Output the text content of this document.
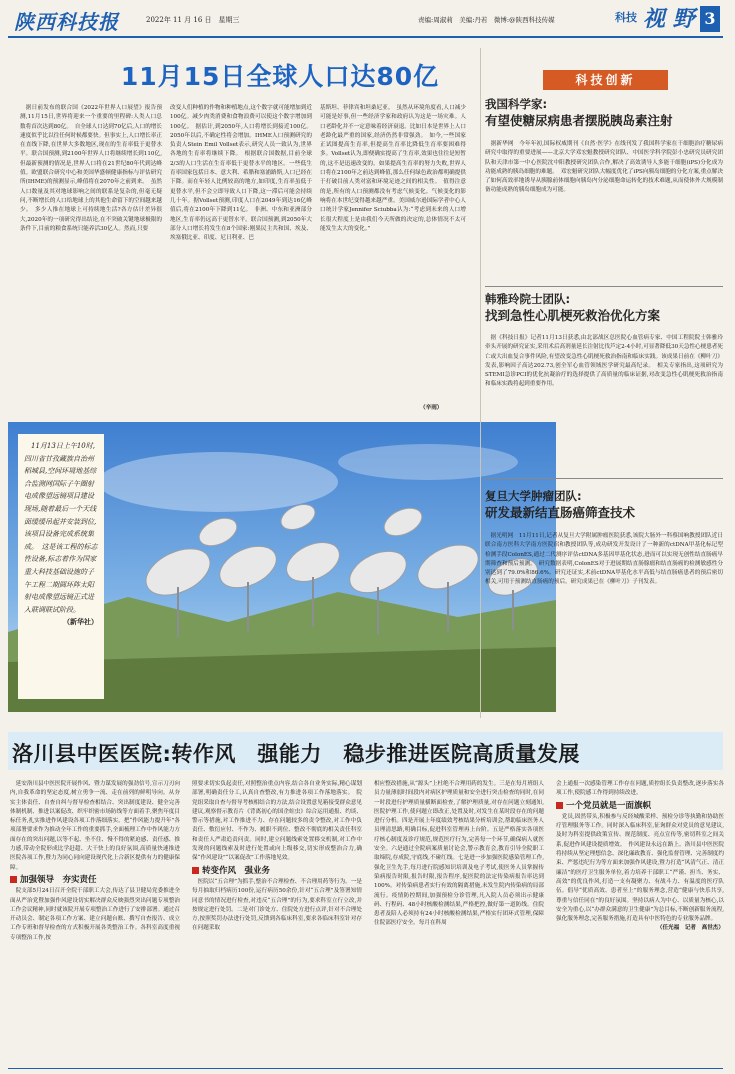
陕西科技报	2022年 11 月 16 日　星期三	责编:周淑莉　美编:丹若　微博:@陕西科技传媒	科技 视 野 3
11月15日全球人口达80亿
　据日前发布的联合国《2022年世界人口展望》报告预测,11月15日,世界将迎来一个重要的里程碑:人类人口总数将首次达到80亿。　自全球人口达到70亿后,人口的增长速度似乎比以往任何时候都要快。但事实上,人口增长率正在直线下降,在世界大多数地区,现在的生育率低于更替水平。联合国预测,到2100年世界人口将继续增长到110亿,但最新预测的情况是,世界人口将在21世纪80年代到达峰值。欧盟联合研究中心和美国华盛顿健康指标与评估研究所(IHME)的预测显示,峰值将在2070年之前到来。　虽然人口数量及其对地球影响之间的联系是复杂的,但毫无疑问,不断增长的人口给地球上的其他生命留下的空间越来越少。　多少人推在地球上可持续地生活?各方估计差异很大,2020年的一项研究得出结论,在不突破关键地球极限的条件下,目前的粮食系统只能养活30亿人。然而,只要
改变人们种植的作物和种植地点,这个数字就可能增加到近100亿。减少肉类消费和食物浪费可以使这个数字增加到100亿。　据估计,到2050年,人口将增长到接近100亿。2050年以后,不确定性将会增加。IHME人口预测研究的负责人Stein Emil Vollset表示,研究人员一致认为,世界各地的生育率将继续下降。　根据联合国数据,目前全球2/3的人口生活在生育率低于更替水平的地区。一些低生育率国家包括日本、意大利、希腊和塞浦路斯,人口已经在下降。而在年轻人比例较高的地方,如印度,生育率虽低于更替水平,但不会立即导致人口下降,这一滞后可能会持续几十年。据Vollset预测,印度人口在2049年到达16亿峰值后,将在2100年下降到11亿。　非洲、中东和亚洲部分地区,生育率仍远高于更替水平。联合国预测,到2050年大部分人口增长将发生在8个国家:刚果民主共和国、埃及、埃塞俄比亚、印度、尼日利亚、巴
基斯坦、菲律宾和坦桑尼亚。　虽然从环境角度看,人口减少可能是好事,但一些经济学家和政府认为这是一场灾难。人口老龄化并不一定意味着经济衰退。比如日本是世界上人口老龄化最严重的国家,经济仍然非常强劲。　如今,一些国家正试图提高生育率,但提高生育率比降低生育率要困难得多。Vollset认为,即便确实提高了生育率,效果也往往是短暂的,这不是迅速改变的。如果提高生育率的努力失败,世界人口将在2100年之前达到峰值,那么任何绿色政治都明确提供于打破目前人类对富和环境足迹之间的相关性。　值得注意的是,所有的人口预测都没有考虑气候变化。气候变化的影响将在本世纪变得越来越严重。美国威尔逊国际学者中心人口统计学家Jennifer Sciubba认为:“考虑到未来的人口增长很大程度上是由我们今天所做的决定的,总体情况不太可能发生太大的变化。”
（辛雨）
　11月13日上午10时,四川省甘孜藏族自治州稻城县,空间环境地基综合监测网国际子午圈射电成像望远镜项目建设现场,随着最后一个天线面缓缓吊起并安装到位,该项目设备完成系统集成。　这是该工程的标志性设备,标志着作为国家重大科技基础设施的子午工程二期圆环阵太阳射电成像望远镜正式进入联调联试阶段。
（新华社）
科技创新
我国科学家:
有望使糖尿病患者摆脱胰岛素注射
　据新华网　今年年初,国际权威期刊《自然·医学》在线刊发了我国科学家在干细胞治疗糖尿病研究中取得的重要进展——北京大学邓宏魁教授研究团队、中国医学科学院彭小忠研究员研究团队和天津市第一中心医院沈中阳教授研究团队合作,解决了高效诱导人多能干细胞(iPS)分化成为功能成熟的胰岛细胞的难题。　邓宏魁研究团队大幅度优化了iPS向胰岛细胞的分化方案,重点解决了如何高效率地诱导从胰腺前体细胞向胰岛内分泌细胞命运转化的技术难题,从而使体外大规模制备功能成熟的胰岛细胞成为可能。
韩雅玲院士团队:
找到急性心肌梗死救治优化方案
　据《科技日报》记者11月13日获悉,由北部战区总医院心血管病专家、中国工程院院士韩雅玲牵头开展的研究证实,采用术后高剂量延长注射比伐芦定2-4小时,可显著降低30天急性心梗患者死亡或大出血复合事件风险,有望改变急性心肌梗死救治指南和临床实践。该成果日前在《柳叶刀》发表,影响因子高达202.73,创全军心血管领域医学研究最高纪录。　相关专家指出,这项研究为STEMI急诊PCI的优化抗凝治疗的选择提供了高质量的临床证据,对改变急性心肌梗死救治指南和临床实践将起到重要作用。
复旦大学肿瘤团队:
研发最新结直肠癌筛查技术
　据光明网　11月11日,记者从复旦大学附属肿瘤医院获悉,该院大肠外一科蔡国响教授团队近日联合南方医科大学南方医院宿和教授团队等,成功研发开发设计了一种新的ctDNA甲基化标记型检测手段ColonES,通过二代测序评估ctDNA多基因甲基化状态,进而可以实现无创性结直肠癌早期筛查和预后预测。　研究数据表明,ColonES对于进展期结直肠腺瘤和结直肠癌的检测敏感性分别达到了79.0%和86.6%。研究还证实,术前ctDNA甲基化水平高低与结直肠癌患者的预后密切相关,可用于预测结直肠癌的预后。研究成果已在《柳叶刀》子刊发表。
洛川县中医医院:转作风　强能力　稳步推进医院高质量发展
　延安洛川县中医医院开展作风、暨力谋发展的强劲信号,宣示刀刃向内,自我革命的坚定态度,树立勇争一流、走在前列的鲜明导向。从夯实主体责任、自查自纠与督导检查相结合、突出制度建设、健全完善体制机制、推进以案促改、织牢织密市场防线等方面着手,聚焦年度目标任务,扎实推进作风建设各项工作落细落实。把“作风能力提升年”各项部署要求作为推动全年工作的重要抓手,全面梳理工作中作风能力方面存在的突出问题,以等不起、坐不住、慢不得的紧迫感、责任感、推力感,带动全院形成比学赶超、大干快上的良好氛围,高质量快速推进医院各项工作,暨力为同心同向建设现代化上合新区提供有力的健康保障。
加强领导　夯实责任
　院支部5月24日召开全院干部职工大会,传达了县卫健局党委推进全面从严治党暨加强作风建设切实解决群众反映强烈突出问题专项整治工作会议精神,同时就该院开展专项整治工作进行了安排部署。通过召开动员会、制定各项工作方案、建立问题台账、撰写自查报告、成立工作专班和督导检查的方式积极开展各类整治工作。各科室高度重视专项整治工作,按
照要求切实负起责任,对照整治重点内容,结合各自业务实际,精心谋划部署,明确责任分工,认真自查整改,有力推进各项工作落地落实。　院党组采取自查与督导考核相结合的方法,结合设置意见箱接受群众意见建议,观察督示教育片《背离初心的国企蛀虫》综合运用通报、约谈、警示等措施,对工作推进不力、存在问题较多的责令整改,对工作中负责任、敷衍应付、不作为、履职不到位、整改不彻底的相关责任科室和责任人严肃追责问责。同时,建立问题线索处置移交机制,对工作中发现的问题线索及时进行处置或向上级移交,切实形成整治合力,确保“作风建设”“以案促改”工作落地见效。
转变作风　强业务
　医院以“五合理”为抓手,整治不合理检查、不合理用药等行为。一是每月抽取归档病历100份,运行病历50余份,针对“五合理”及签署知情同意书的情况进行检查,对违反“五合理”的行为,要求科室立行立改,并按规定进行处罚。二是对门诊处方、住院处方进行点评,针对不合理处方,按照奖罚办法进行处罚,反馈到各临床科室,要求各临床科室针对存在问题采取
相应整改措施,从“源头”上杜绝不合理用药的发生。三是在每月班组人员力量薄弱时间段内对病区护理质量和安全进行突击检查的同时,在同一时段进行护理质量横断面检查,了解护理质量,对存在问题立刻通知,医院护理工作,使问题立即改正,处置及时,对发生在某时段存在的问题进行分析。四是开展上年度绩效考核结果分析培训会,帮助临床医务人员理清思路,明确目标,促进科室管理再上台阶。五是严格落实各项医疗核心制度及诊疗规范,规范医疗行为,完善每一个环节,确保病人就医安全。六是通过全院病案质量讨论会,警示教育会,教育引导全院职工取缔院,存成院,守底线,不碰红线。七是进一步加强医院感染管理工作,强化卫生先手,每月进行院感知识培训及电子考试,使医务人员掌握传染病报告时限,报告时限,报告程序,促医院的法定传染病报告率达到100%。对传染病患者实行有效的隔离措施,未发生院内传染病的局部流行。疫情防控期间,加强预检分诊管理,凡入院人员必须出示健康码、行程码、48小时核酸检测结果,严格把控,做好第一道防线。住院患者及陪人必须持有24小时核酸检测结果,严格实行团环式管理,保障住院部医疗安全。每月在科周
会上通报一次感染管理工作存在问题,质控组长负责整改,逐步落实各项工作,使院感工作得到持续改进。
一个党员就是一面旗帜
　党员,固然带头,积极参与反经城酸采样、预检分诊等执勤和协助医疗管理服务等工作。同时深入临床科室,征询群众对党员的意见建议,及时为科室提供政策宣传、规范制度、亮点宣传等,密切科室之间关系,促进作风建设提质增效。　作风建设永远在路上。洛川县中医医院将持续从坚定理想信念、深化廉政教育、强化监督管理、完善制度约束、严惩违纪行为等方面来加强作风建设,暨力打造“风清气正、清正廉洁”的医疗卫生服务单位,着力培养干部职工“严谨、担当、务实、高效”的优良作风,打造一支有凝聚力、有战斗力、有温度的医疗队伍。倡导“优质高效、患者至上”的服务理念,营造“健康与快乐共享,尊重与信任同在”的良好氛围。坚持以病人为中心、以质量为核心,以安全为重心,以“办群众满意的卫生健康”为总目标,不断创新服务流程,强化服务理念,完善服务措施,打造具有中医特色的专业服务品牌。
（任光福　记者　高世杰）
